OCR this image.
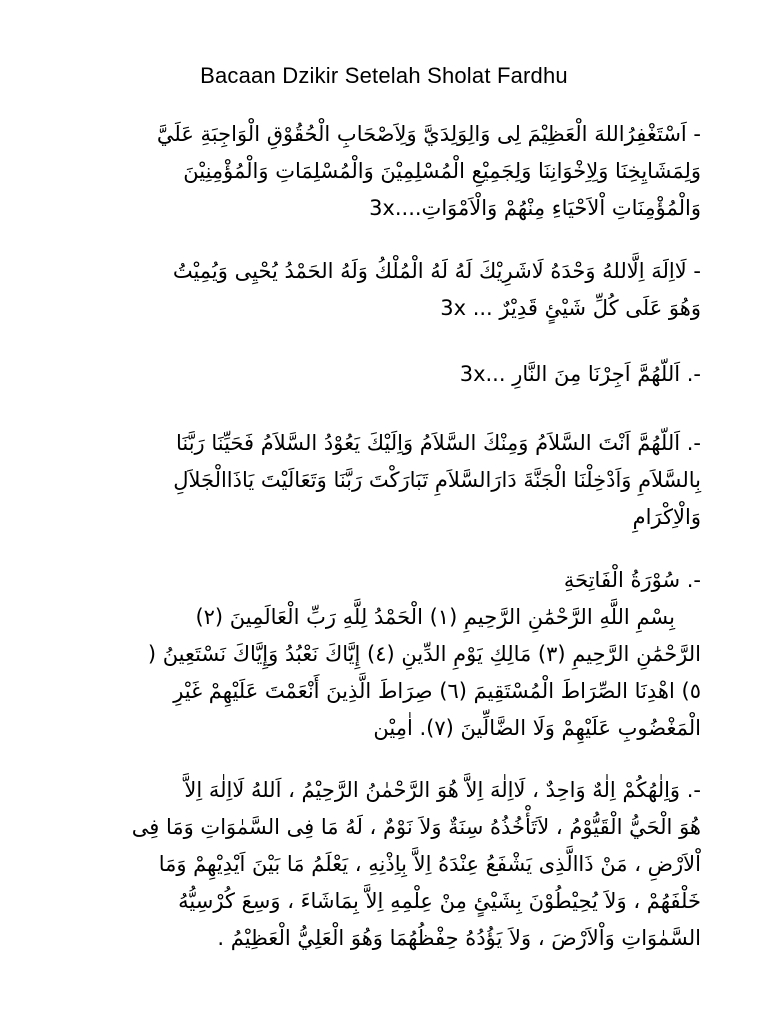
Bacaan Dzikir Setelah Sholat Fardhu
- اَسْتَغْفِرُاللهَ الْعَظِيْمَ لِى وَالِوَلِدَيَّ وَلِاَصْحَابِ الْحُقُوْقِ الْوَاجِبَةِ عَلَيَّ
وَلِمَشَايِخِنَا وَلِاِخْوَانِنَا وَلِجَمِيْعِ الْمُسْلِمِيْنَ وَالْمُسْلِمَاتِ وَالْمُؤْمِنِيْنَ
وَالْمُؤْمِنَاتِ اْلاَحْيَاءِ مِنْهُمْ وَالْاَمْوَاتِ....3x
- لَااِلَهَ اِلَّاللهُ وَحْدَهُ لَاشَرِيْكَ لَهُ لَهُ الْمُلْكُ وَلَهُ الحَمْدُ يُحْيِى وَيُمِيْتُ
وَهُوَ عَلَى كُلِّ شَيْئٍ قَدِيْرٌ ... 3x
-. اَللّهُمَّ اَجِرْنَا مِنَ النَّارِ ...3x
-. اَللّهُمَّ اَنْتَ السَّلاَمُ وَمِنْكَ السَّلاَمُ وَاِلَيْكَ يَعُوْدُ السَّلاَمُ فَحَيِّنَا رَبَّنَا
بِالسَّلاَمِ وَاَدْخِلْنَا الْجَنَّةَ دَارَالسَّلاَمِ تَبَارَكْتَ رَبَّنَا وَتَعَالَيْتَ يَاذَاالْجَلاَلِ
وَالْاِكْرَامِ
-. سُوْرَةُ الْفَاتِحَةِ
بِسْمِ اللَّهِ الرَّحْمَٰنِ الرَّحِيمِ (١) الْحَمْدُ لِلَّهِ رَبِّ الْعَالَمِينَ (٢)
الرَّحْمَٰنِ الرَّحِيمِ (٣) مَالِكِ يَوْمِ الدِّينِ (٤) إِيَّاكَ نَعْبُدُ وَإِيَّاكَ نَسْتَعِينُ (
٥) اهْدِنَا الصِّرَاطَ الْمُسْتَقِيمَ (٦) صِرَاطَ الَّذِينَ أَنْعَمْتَ عَلَيْهِمْ غَيْرِ
الْمَغْضُوبِ عَلَيْهِمْ وَلَا الضَّالِّينَ (٧). اٰمِيْن
-. وَاِلٰهُكُمْ اِلٰهٌ وَاحِدٌ ، لَااِلٰهَ اِلاَّ هُوَ الرَّحْمٰنُ الرَّحِيْمُ ، اَللهُ لَااِلٰهَ اِلاَّ
هُوَ الْحَيُّ الْقَيُّوْمُ ، لاَتَأْخُذُهُ سِنَةٌ وَلاَ نَوْمٌ ، لَهُ مَا فِى السَّمٰوَاتِ وَمَا فِى
اْلاَرْضِ ، مَنْ ذَاالَّذِى يَشْفَعُ عِنْدَهُ اِلاَّ بِاِذْنِهِ ، يَعْلَمُ مَا بَيْنَ اَيْدِيْهِمْ وَمَا
خَلْفَهُمْ ، وَلاَ يُحِيْطُوْنَ بِشَيْئٍ مِنْ عِلْمِهِ اِلاَّ بِمَاشَاءَ ، وَسِعَ كُرْسِيُّهُ
السَّمٰوَاتِ وَاْلاَرْضَ ، وَلاَ يَؤُدُهُ حِفْظُهُمَا وَهُوَ الْعَلِيُّ الْعَظِيْمُ .
